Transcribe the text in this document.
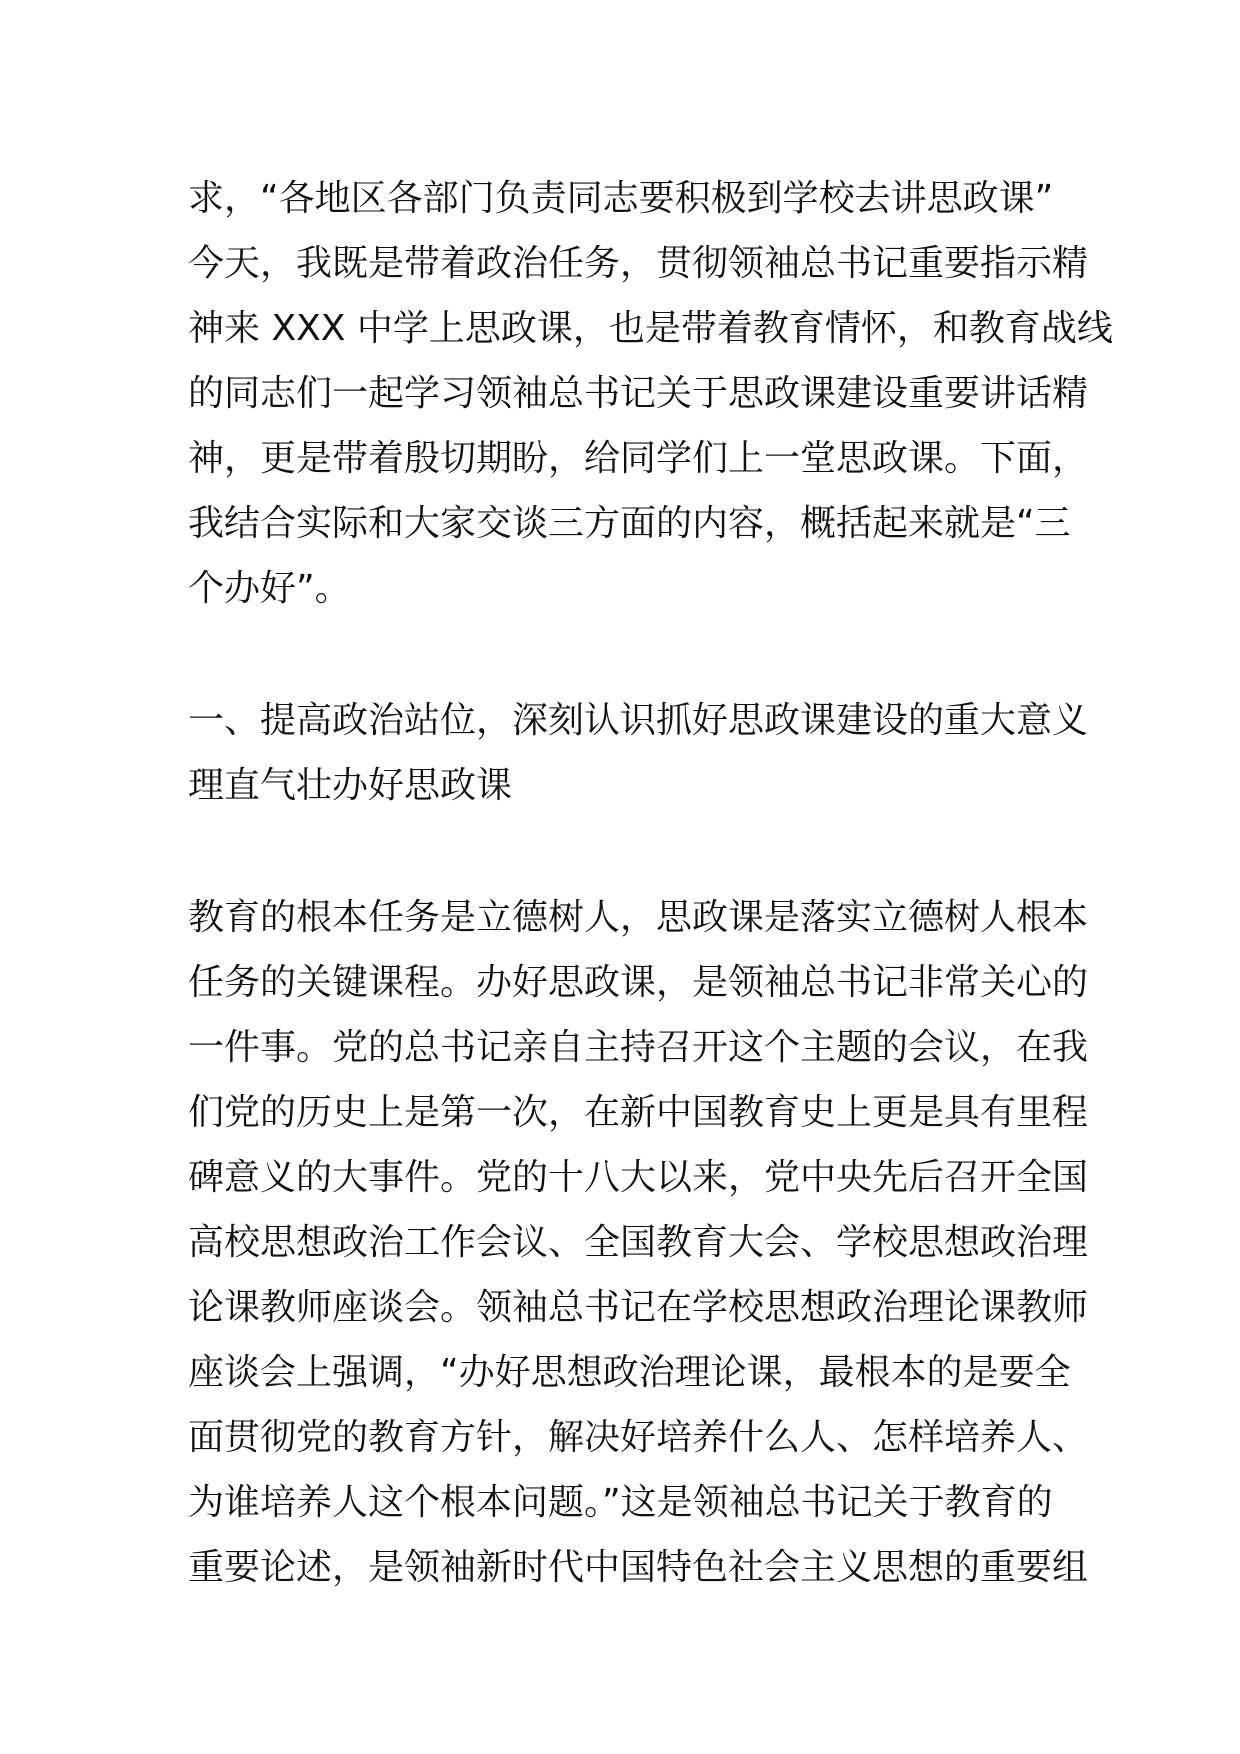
求，“各地区各部门负责同志要积极到学校去讲思政课”
今天，我既是带着政治任务，贯彻领袖总书记重要指示精
神来 XXX 中学上思政课，也是带着教育情怀，和教育战线
的同志们一起学习领袖总书记关于思政课建设重要讲话精
神，更是带着殷切期盼，给同学们上一堂思政课。下面，
我结合实际和大家交谈三方面的内容，概括起来就是“三
个办好”。
一、提高政治站位，深刻认识抓好思政课建设的重大意义
理直气壮办好思政课
教育的根本任务是立德树人，思政课是落实立德树人根本
任务的关键课程。办好思政课，是领袖总书记非常关心的
一件事。党的总书记亲自主持召开这个主题的会议，在我
们党的历史上是第一次，在新中国教育史上更是具有里程
碑意义的大事件。党的十八大以来，党中央先后召开全国
高校思想政治工作会议、全国教育大会、学校思想政治理
论课教师座谈会。领袖总书记在学校思想政治理论课教师
座谈会上强调，“办好思想政治理论课，最根本的是要全
面贯彻党的教育方针，解决好培养什么人、怎样培养人、
为谁培养人这个根本问题。”这是领袖总书记关于教育的
重要论述，是领袖新时代中国特色社会主义思想的重要组
